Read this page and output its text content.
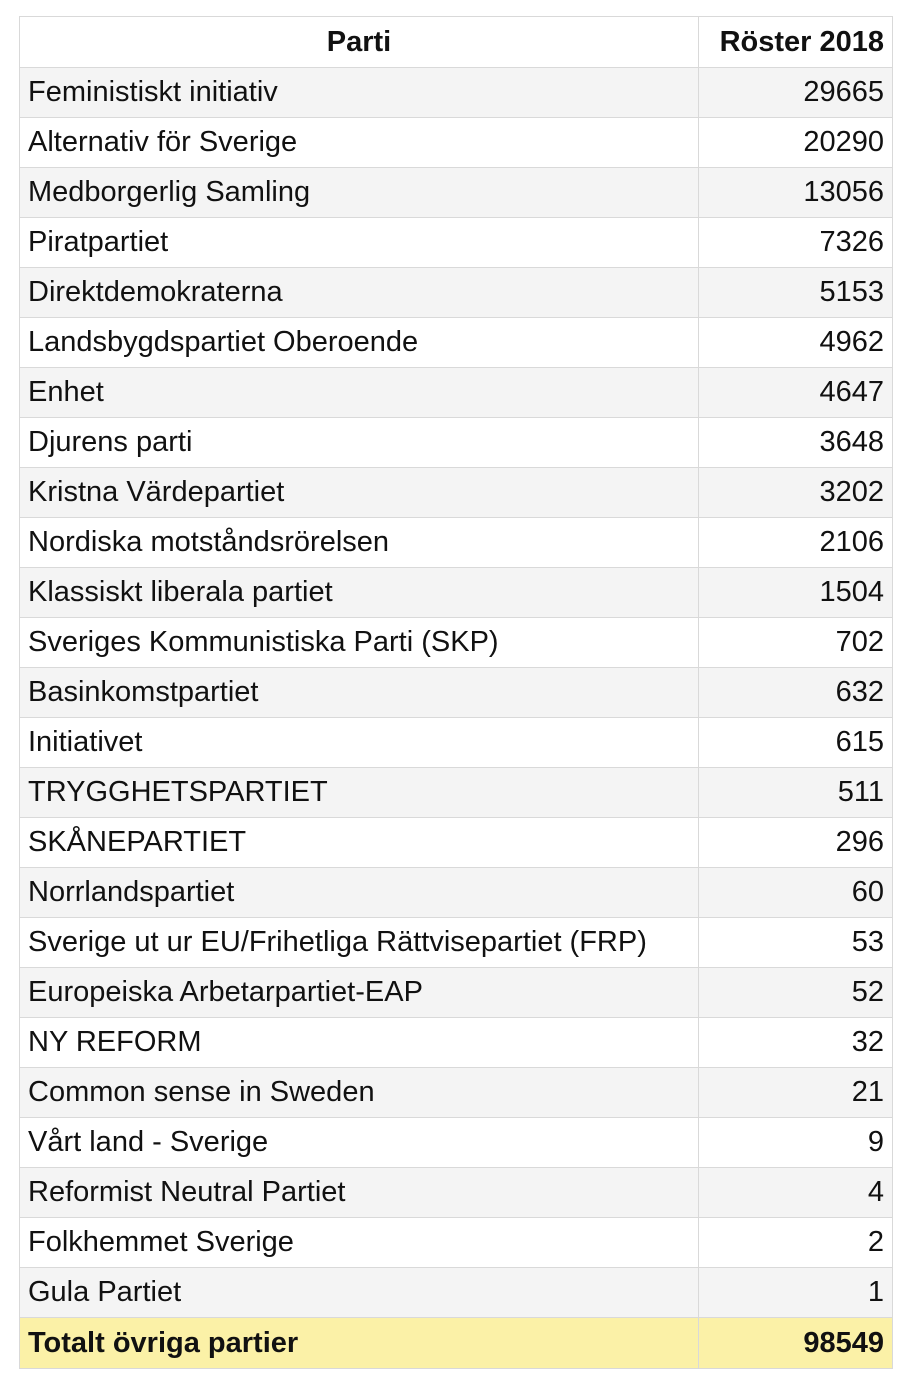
Parti	Röster 2018
Feministiskt initiativ	29665
Alternativ för Sverige	20290
Medborgerlig Samling	13056
Piratpartiet	7326
Direktdemokraterna	5153
Landsbygdspartiet Oberoende	4962
Enhet	4647
Djurens parti	3648
Kristna Värdepartiet	3202
Nordiska motståndsrörelsen	2106
Klassiskt liberala partiet	1504
Sveriges Kommunistiska Parti (SKP)	702
Basinkomstpartiet	632
Initiativet	615
TRYGGHETSPARTIET	511
SKÅNEPARTIET	296
Norrlandspartiet	60
Sverige ut ur EU/Frihetliga Rättvisepartiet (FRP)	53
Europeiska Arbetarpartiet-EAP	52
NY REFORM	32
Common sense in Sweden	21
Vårt land - Sverige	9
Reformist Neutral Partiet	4
Folkhemmet Sverige	2
Gula Partiet	1
Totalt övriga partier	98549
